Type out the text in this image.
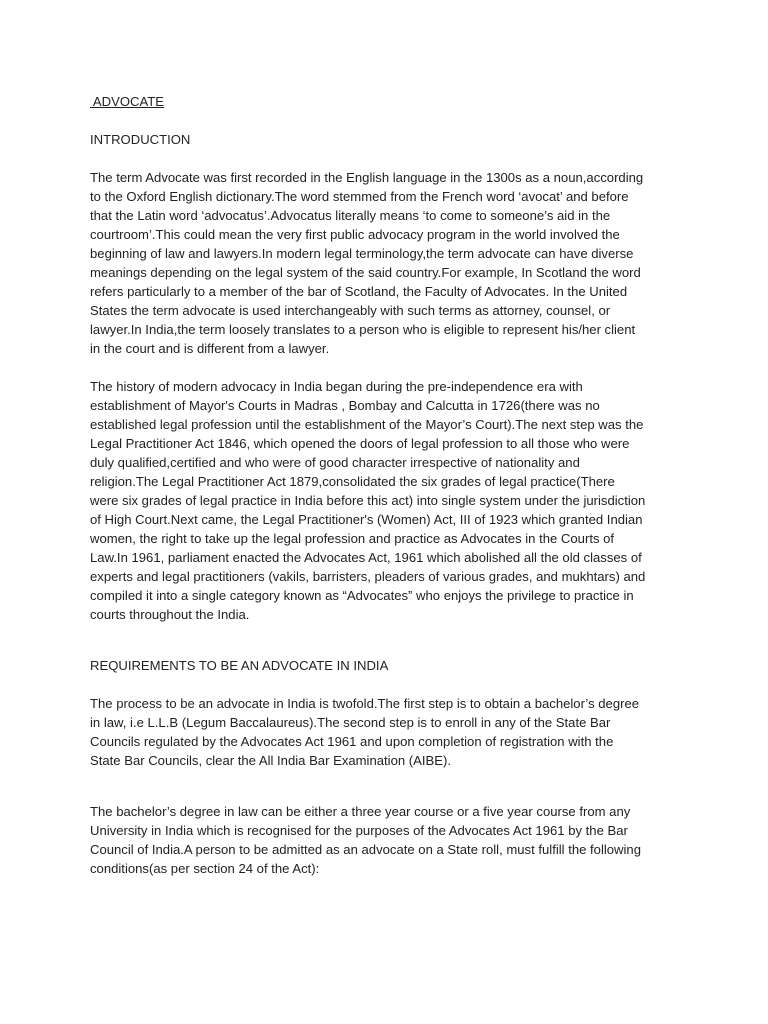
ADVOCATE
INTRODUCTION
The term Advocate was first recorded in the English language in the 1300s as a noun,according
to the Oxford English dictionary.The word stemmed from the French word ‘avocat’ and before
that the Latin word ‘advocatus’.Advocatus literally means ‘to come to someone’s aid in the
courtroom’.This could mean the very first public advocacy program in the world involved the
beginning of law and lawyers.In modern legal terminology,the term advocate can have diverse
meanings depending on the legal system of the said country.For example, In Scotland the word
refers particularly to a member of the bar of Scotland, the Faculty of Advocates. In the United
States the term advocate is used interchangeably with such terms as attorney, counsel, or
lawyer.In India,the term loosely translates to a person who is eligible to represent his/her client
in the court and is different from a lawyer.
The history of modern advocacy in India began during the pre-independence era with
establishment of Mayor's Courts in Madras , Bombay and Calcutta in 1726(there was no
established legal profession until the establishment of the Mayor’s Court).The next step was the
Legal Practitioner Act 1846, which opened the doors of legal profession to all those who were
duly qualified,certified and who were of good character irrespective of nationality and
religion.The Legal Practitioner Act 1879,consolidated the six grades of legal practice(There
were six grades of legal practice in India before this act) into single system under the jurisdiction
of High Court.Next came, the Legal Practitioner's (Women) Act, III of 1923 which granted Indian
women, the right to take up the legal profession and practice as Advocates in the Courts of
Law.In 1961, parliament enacted the Advocates Act, 1961 which abolished all the old classes of
experts and legal practitioners (vakils, barristers, pleaders of various grades, and mukhtars) and
compiled it into a single category known as “Advocates” who enjoys the privilege to practice in
courts throughout the India.
REQUIREMENTS TO BE AN ADVOCATE IN INDIA
The process to be an advocate in India is twofold.The first step is to obtain a bachelor’s degree
in law, i.e L.L.B (Legum Baccalaureus).The second step is to enroll in any of the State Bar
Councils regulated by the Advocates Act 1961 and upon completion of registration with the
State Bar Councils, clear the All India Bar Examination (AIBE).
The bachelor’s degree in law can be either a three year course or a five year course from any
University in India which is recognised for the purposes of the Advocates Act 1961 by the Bar
Council of India.A person to be admitted as an advocate on a State roll, must fulfill the following
conditions(as per section 24 of the Act):
